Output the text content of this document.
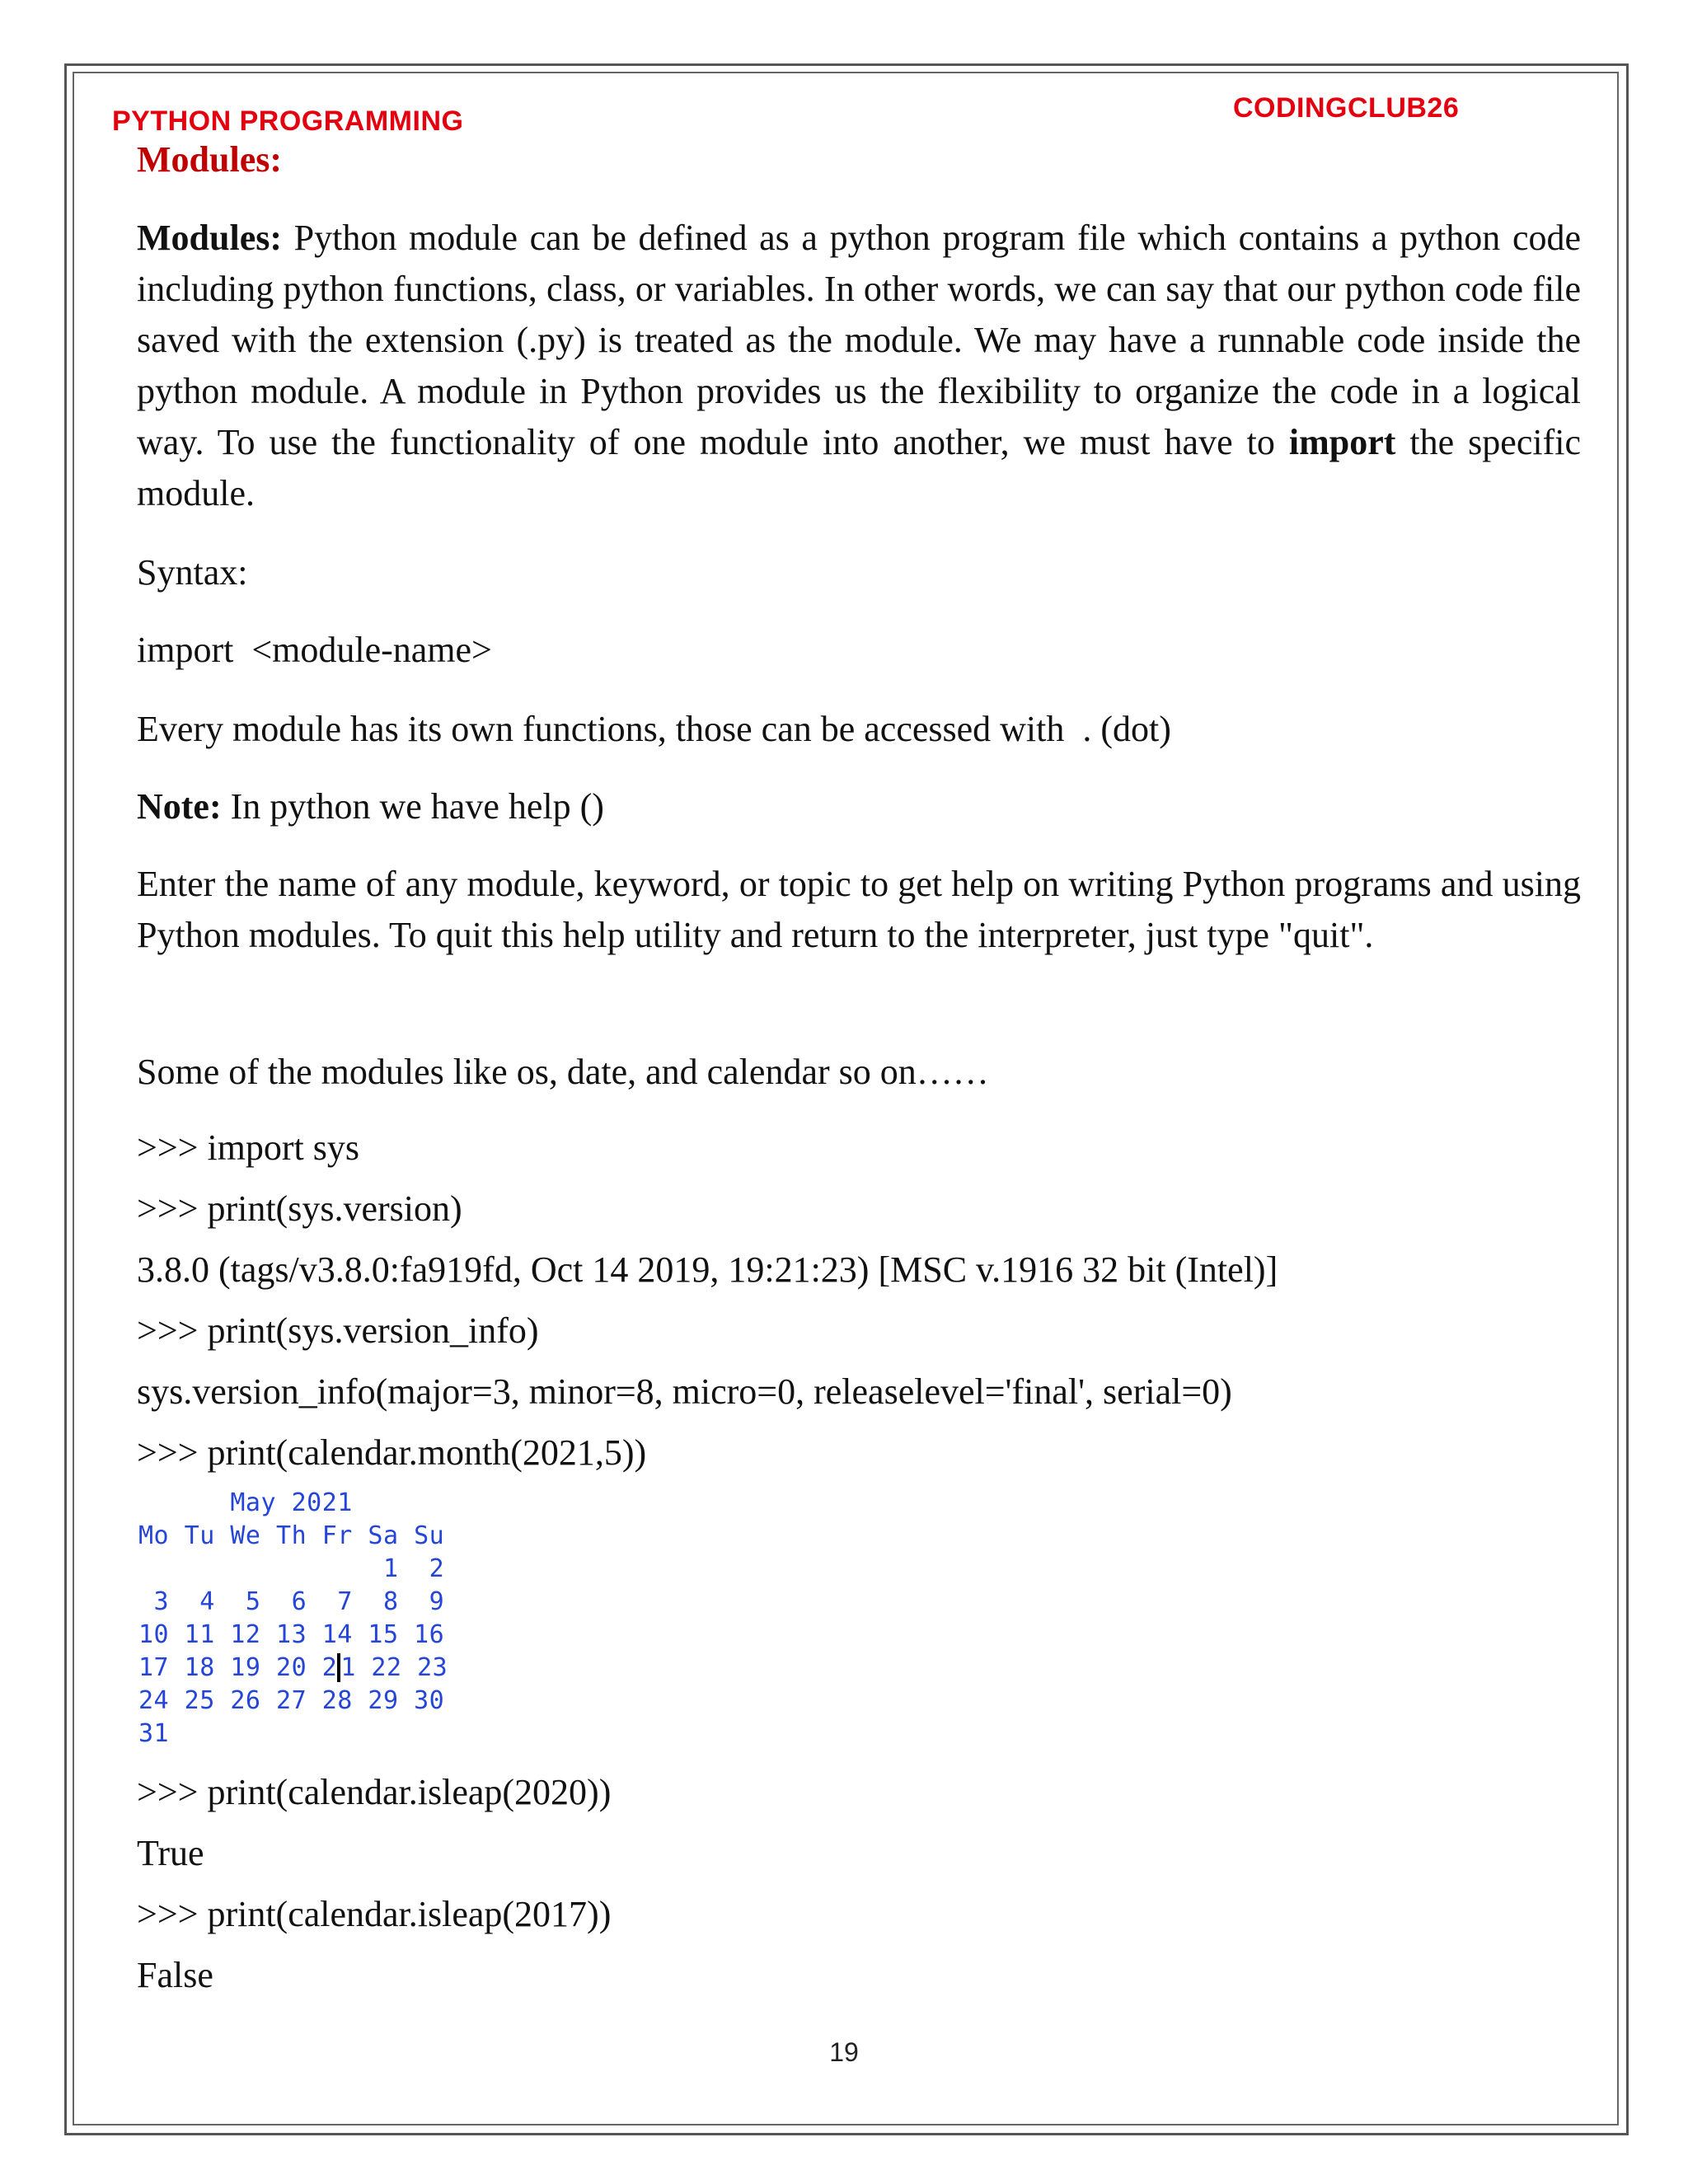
PYTHON PROGRAMMING	CODINGCLUB26
Modules:

Modules: Python module can be defined as a python program file which contains a python code including python functions, class, or variables. In other words, we can say that our python code file saved with the extension (.py) is treated as the module. We may have a runnable code inside the python module. A module in Python provides us the flexibility to organize the code in a logical way. To use the functionality of one module into another, we must have to import the specific module.

Syntax:
import  <module-name>
Every module has its own functions, those can be accessed with  . (dot)
Note: In python we have help ()

Enter the name of any module, keyword, or topic to get help on writing Python programs and using Python modules. To quit this help utility and return to the interpreter, just type "quit".

Some of the modules like os, date, and calendar so on……
>>> import sys
>>> print(sys.version)
3.8.0 (tags/v3.8.0:fa919fd, Oct 14 2019, 19:21:23) [MSC v.1916 32 bit (Intel)]
>>> print(sys.version_info)
sys.version_info(major=3, minor=8, micro=0, releaselevel='final', serial=0)
>>> print(calendar.month(2021,5))
May 2021
Mo Tu We Th Fr Sa Su
1  2
3  4  5  6  7  8  9
10 11 12 13 14 15 16
17 18 19 20 2 1 22 23
24 25 26 27 28 29 30
31
>>> print(calendar.isleap(2020))
True
>>> print(calendar.isleap(2017))
False
19
